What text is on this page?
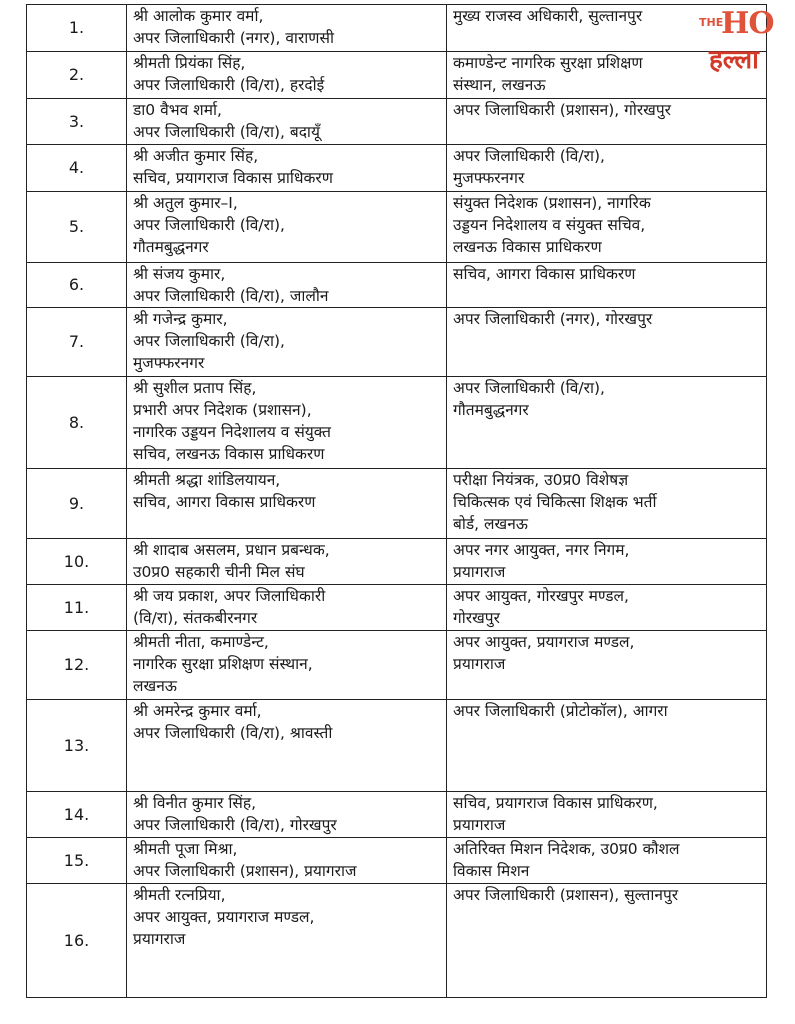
1.	श्री आलोक कुमार वर्मा,
अपर जिलाधिकारी (नगर), वाराणसी	मुख्य राजस्व अधिकारी, सुल्तानपुर
2.	श्रीमती प्रियंका सिंह,
अपर जिलाधिकारी (वि/रा), हरदोई	कमाण्डेन्ट नागरिक सुरक्षा प्रशिक्षण
संस्थान, लखनऊ
3.	डा0 वैभव शर्मा,
अपर जिलाधिकारी (वि/रा), बदायूँ	अपर जिलाधिकारी (प्रशासन), गोरखपुर
4.	श्री अजीत कुमार सिंह,
सचिव, प्रयागराज विकास प्राधिकरण	अपर जिलाधिकारी (वि/रा),
मुजफ्फरनगर
5.	श्री अतुल कुमार–I,
अपर जिलाधिकारी (वि/रा),
गौतमबुद्धनगर	संयुक्त निदेशक (प्रशासन), नागरिक
उड्डयन निदेशालय व संयुक्त सचिव,
लखनऊ विकास प्राधिकरण
6.	श्री संजय कुमार,
अपर जिलाधिकारी (वि/रा), जालौन	सचिव, आगरा विकास प्राधिकरण
7.	श्री गजेन्द्र कुमार,
अपर जिलाधिकारी (वि/रा),
मुजफ्फरनगर	अपर जिलाधिकारी (नगर), गोरखपुर
8.	श्री सुशील प्रताप सिंह,
प्रभारी अपर निदेशक (प्रशासन),
नागरिक उड्डयन निदेशालय व संयुक्त
सचिव, लखनऊ विकास प्राधिकरण	अपर जिलाधिकारी (वि/रा),
गौतमबुद्धनगर
9.	श्रीमती श्रद्धा शांडिलयायन,
सचिव, आगरा विकास प्राधिकरण	परीक्षा नियंत्रक, उ0प्र0 विशेषज्ञ
चिकित्सक एवं चिकित्सा शिक्षक भर्ती
बोर्ड, लखनऊ
10.	श्री शादाब असलम, प्रधान प्रबन्धक,
उ0प्र0 सहकारी चीनी मिल संघ	अपर नगर आयुक्त, नगर निगम,
प्रयागराज
11.	श्री जय प्रकाश, अपर जिलाधिकारी
(वि/रा), संतकबीरनगर	अपर आयुक्त, गोरखपुर मण्डल,
गोरखपुर
12.	श्रीमती नीता, कमाण्डेन्ट,
नागरिक सुरक्षा प्रशिक्षण संस्थान,
लखनऊ	अपर आयुक्त, प्रयागराज मण्डल,
प्रयागराज
13.	श्री अमरेन्द्र कुमार वर्मा,
अपर जिलाधिकारी (वि/रा), श्रावस्ती	अपर जिलाधिकारी (प्रोटोकॉल), आगरा
14.	श्री विनीत कुमार सिंह,
अपर जिलाधिकारी (वि/रा), गोरखपुर	सचिव, प्रयागराज विकास प्राधिकरण,
प्रयागराज
15.	श्रीमती पूजा मिश्रा,
अपर जिलाधिकारी (प्रशासन), प्रयागराज	अतिरिक्त मिशन निदेशक, उ0प्र0 कौशल
विकास मिशन
16.	श्रीमती रत्नप्रिया,
अपर आयुक्त, प्रयागराज मण्डल,
प्रयागराज	अपर जिलाधिकारी (प्रशासन), सुल्तानपुर
THE
HO
हल्ला
